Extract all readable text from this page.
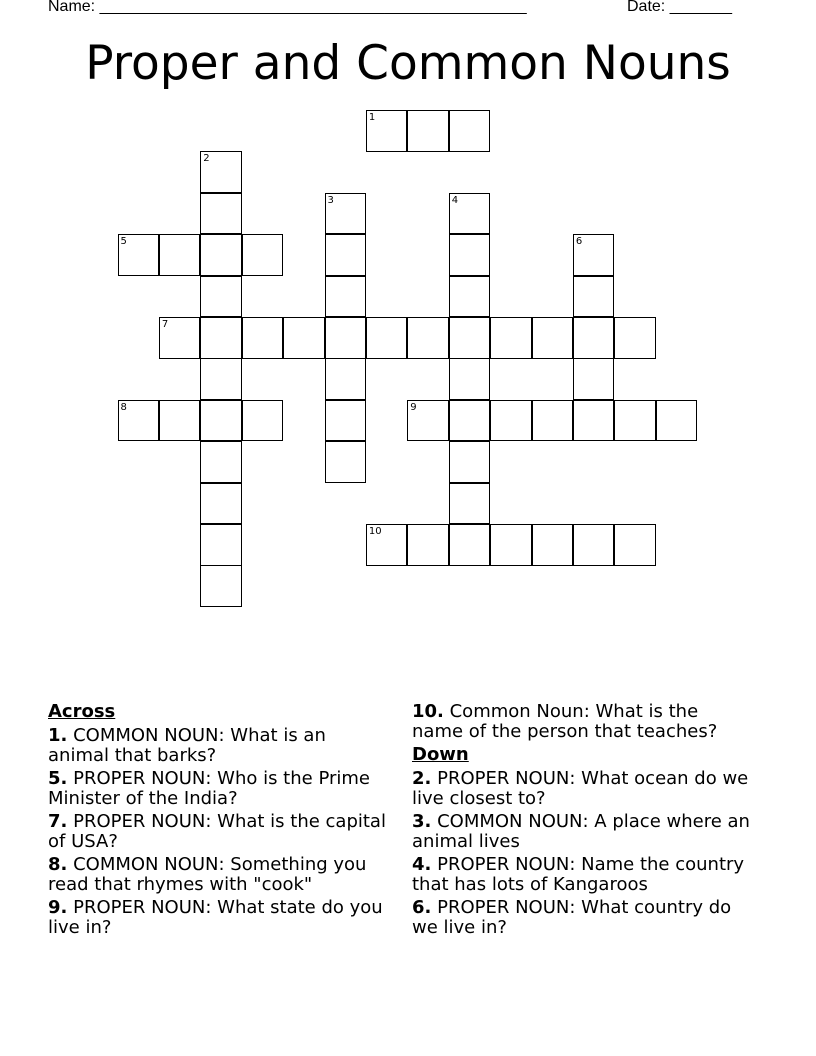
Name: ________________________________________________	Date: _______
Proper and Common Nouns
1
2
3	4
5	6
7
8	9
10
Across
1. COMMON NOUN: What is an animal that barks?
5. PROPER NOUN: Who is the Prime Minister of the India?
7. PROPER NOUN: What is the capital of USA?
8. COMMON NOUN: Something you read that rhymes with "cook"
9. PROPER NOUN: What state do you live in?
10. Common Noun: What is the name of the person that teaches?
Down
2. PROPER NOUN: What ocean do we live closest to?
3. COMMON NOUN: A place where an animal lives
4. PROPER NOUN: Name the country that has lots of Kangaroos
6. PROPER NOUN: What country do we live in?
